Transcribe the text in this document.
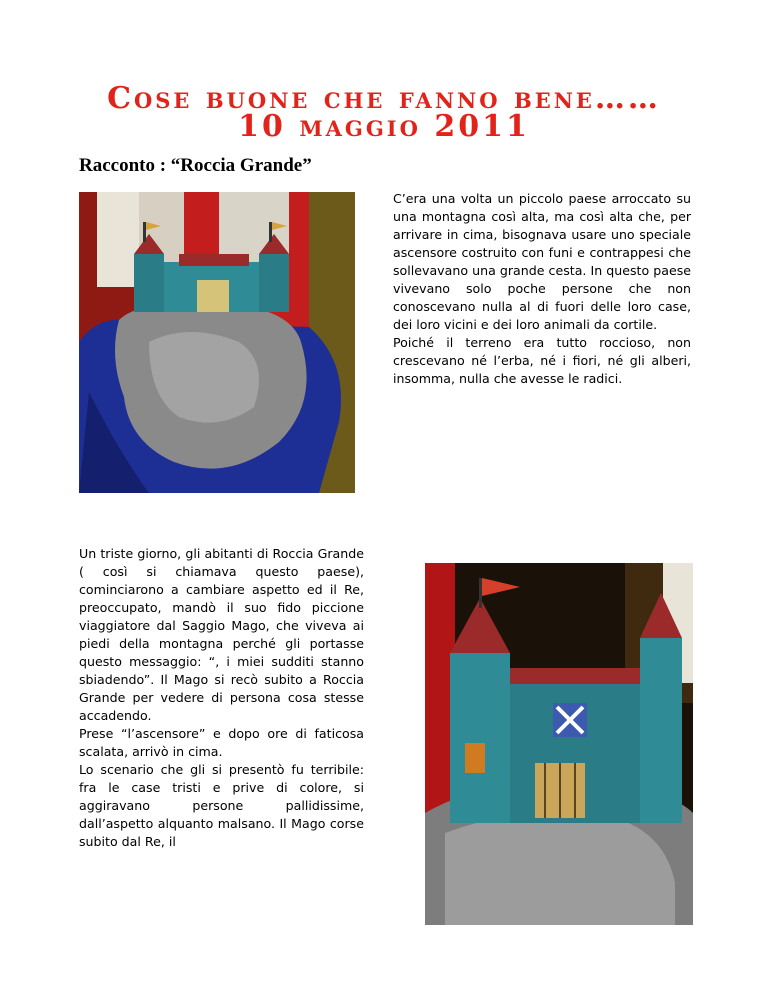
Cose buone che fanno bene……
10 maggio 2011
Racconto : “Roccia Grande”

C’era una volta un piccolo paese arroccato su una montagna così alta, ma così alta che, per arrivare in cima, bisognava usare uno speciale ascensore costruito con funi e contrappesi che sollevavano una grande cesta. In questo paese vivevano solo poche persone che non conoscevano nulla al di fuori delle loro case, dei loro vicini e dei loro animali da cortile.
Poiché il terreno era tutto roccioso, non crescevano né l’erba, né i fiori, né gli alberi, insomma, nulla che avesse le radici.

Un triste giorno, gli abitanti di Roccia Grande ( così si chiamava questo paese), cominciarono a cambiare aspetto ed il Re, preoccupato, mandò il suo fido piccione viaggiatore dal Saggio Mago, che viveva ai piedi della montagna perché gli portasse questo messaggio: “, i miei sudditi stanno sbiadendo”. Il Mago si recò subito a Roccia Grande per vedere di persona cosa stesse accadendo.
Prese “l’ascensore” e dopo ore di faticosa scalata, arrivò in cima.
Lo scenario che gli si presentò fu terribile: fra le case tristi e prive di colore, si aggiravano persone pallidissime, dall’aspetto alquanto malsano. Il Mago corse subito dal Re, il
